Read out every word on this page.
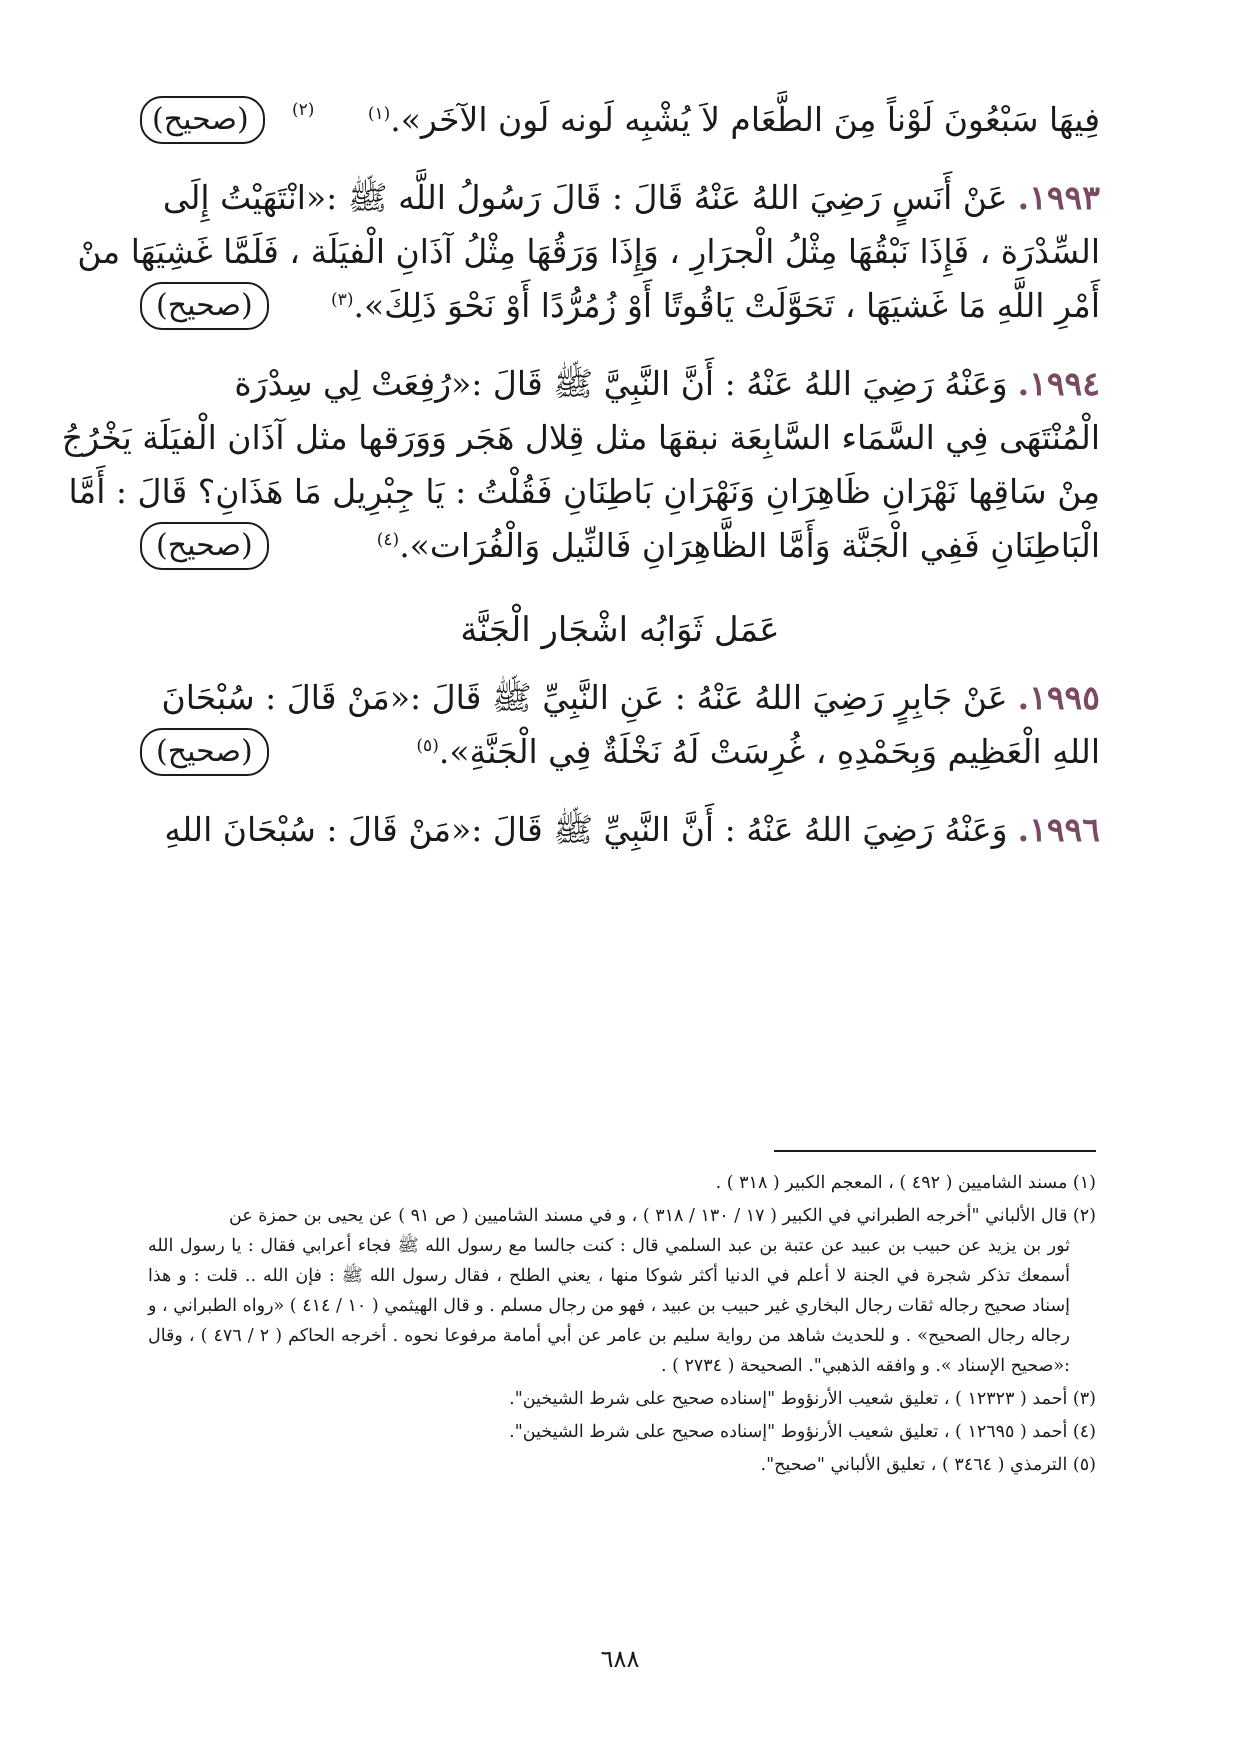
فِيهَا سَبْعُونَ لَوْناً مِنَ الطَّعَام لاَ يُشْبِه لَونه لَون الآخَر».$^{(١)}$
(صحيح)	(٢)
١٩٩٣.عَنْ أَنَسٍ رَضِيَ اللهُ عَنْهُ قَالَ : قَالَ رَسُولُ اللَّه ﷺ :«انْتَهَيْتُ إِلَى
السِّدْرَة ، فَإِذَا نَبْقُهَا مِثْلُ الْجرَارِ ، وَإِذَا وَرَقُهَا مِثْلُ آذَانِ الْفيَلَة ، فَلَمَّا غَشِيَهَا منْ
أَمْرِ اللَّهِ مَا غَشيَهَا ، تَحَوَّلَتْ يَاقُوتًا أَوْ زُمُرُّدًا أَوْ نَحْوَ ذَلِكَ».$^{(٣)}$
(صحيح)
١٩٩٤.وَعَنْهُ رَضِيَ اللهُ عَنْهُ : أَنَّ النَّبِيَّ ﷺ قَالَ :«رُفِعَتْ لِي سِدْرَة
الْمُنْتَهَى فِي السَّمَاء السَّابِعَة نبقهَا مثل قِلال هَجَر وَوَرَقها مثل آذَان الْفيَلَة يَخْرُجُ
مِنْ سَاقِها نَهْرَانِ ظَاهِرَانِ وَنَهْرَانِ بَاطِنَانِ فَقُلْتُ : يَا جِبْرِيل مَا هَذَانِ؟ قَالَ : أَمَّا
الْبَاطِنَانِ فَفِي الْجَنَّة وَأَمَّا الظَّاهِرَانِ فَالنِّيل وَالْفُرَات».$^{(٤)}$
(صحيح)
عَمَل ثَوَابُه اشْجَار الْجَنَّة
١٩٩٥.عَنْ جَابِرٍ رَضِيَ اللهُ عَنْهُ : عَنِ النَّبِيِّ ﷺ قَالَ :«مَنْ قَالَ : سُبْحَانَ
اللهِ الْعَظِيم وَبِحَمْدِهِ ، غُرِسَتْ لَهُ نَخْلَةٌ فِي الْجَنَّةِ».$^{(٥)}$
(صحيح)
١٩٩٦.وَعَنْهُ رَضِيَ اللهُ عَنْهُ : أَنَّ النَّبِيِّ ﷺ قَالَ :«مَنْ قَالَ : سُبْحَانَ اللهِ
(١) مسند الشاميين ( ٤٩٢ ) ، المعجم الكبير ( ٣١٨ ) .
(٢) قال الألباني "أخرجه الطبراني في الكبير ( ١٧ / ١٣٠ / ٣١٨ ) ، و في مسند الشاميين ( ص ٩١ ) عن يحيى بن حمزة عن
ثور بن يزيد عن حبيب بن عبيد عن عتبة بن عبد السلمي قال : كنت جالسا مع رسول الله ﷺ فجاء أعرابي فقال : يا رسول الله أسمعك تذكر شجرة في الجنة لا أعلم في الدنيا أكثر شوكا منها ، يعني الطلح ، فقال رسول الله ﷺ : فإن الله .. قلت : و هذا إسناد صحيح رجاله ثقات رجال البخاري غير حبيب بن عبيد ، فهو من رجال مسلم . و قال الهيثمي ( ١٠ / ٤١٤ ) «رواه الطبراني ، و رجاله رجال الصحيح» . و للحديث شاهد من رواية سليم بن عامر عن أبي أمامة مرفوعا نحوه . أخرجه الحاكم ( ٢ / ٤٧٦ ) ، وقال :«صحيح الإسناد ». و وافقه الذهبي". الصحيحة ( ٢٧٣٤ ) .
(٣) أحمد ( ١٢٣٢٣ ) ، تعليق شعيب الأرنؤوط "إسناده صحيح على شرط الشيخين".
(٤) أحمد ( ١٢٦٩٥ ) ، تعليق شعيب الأرنؤوط "إسناده صحيح على شرط الشيخين".
(٥) الترمذي ( ٣٤٦٤ ) ، تعليق الألباني "صحيح".
٦٨٨
